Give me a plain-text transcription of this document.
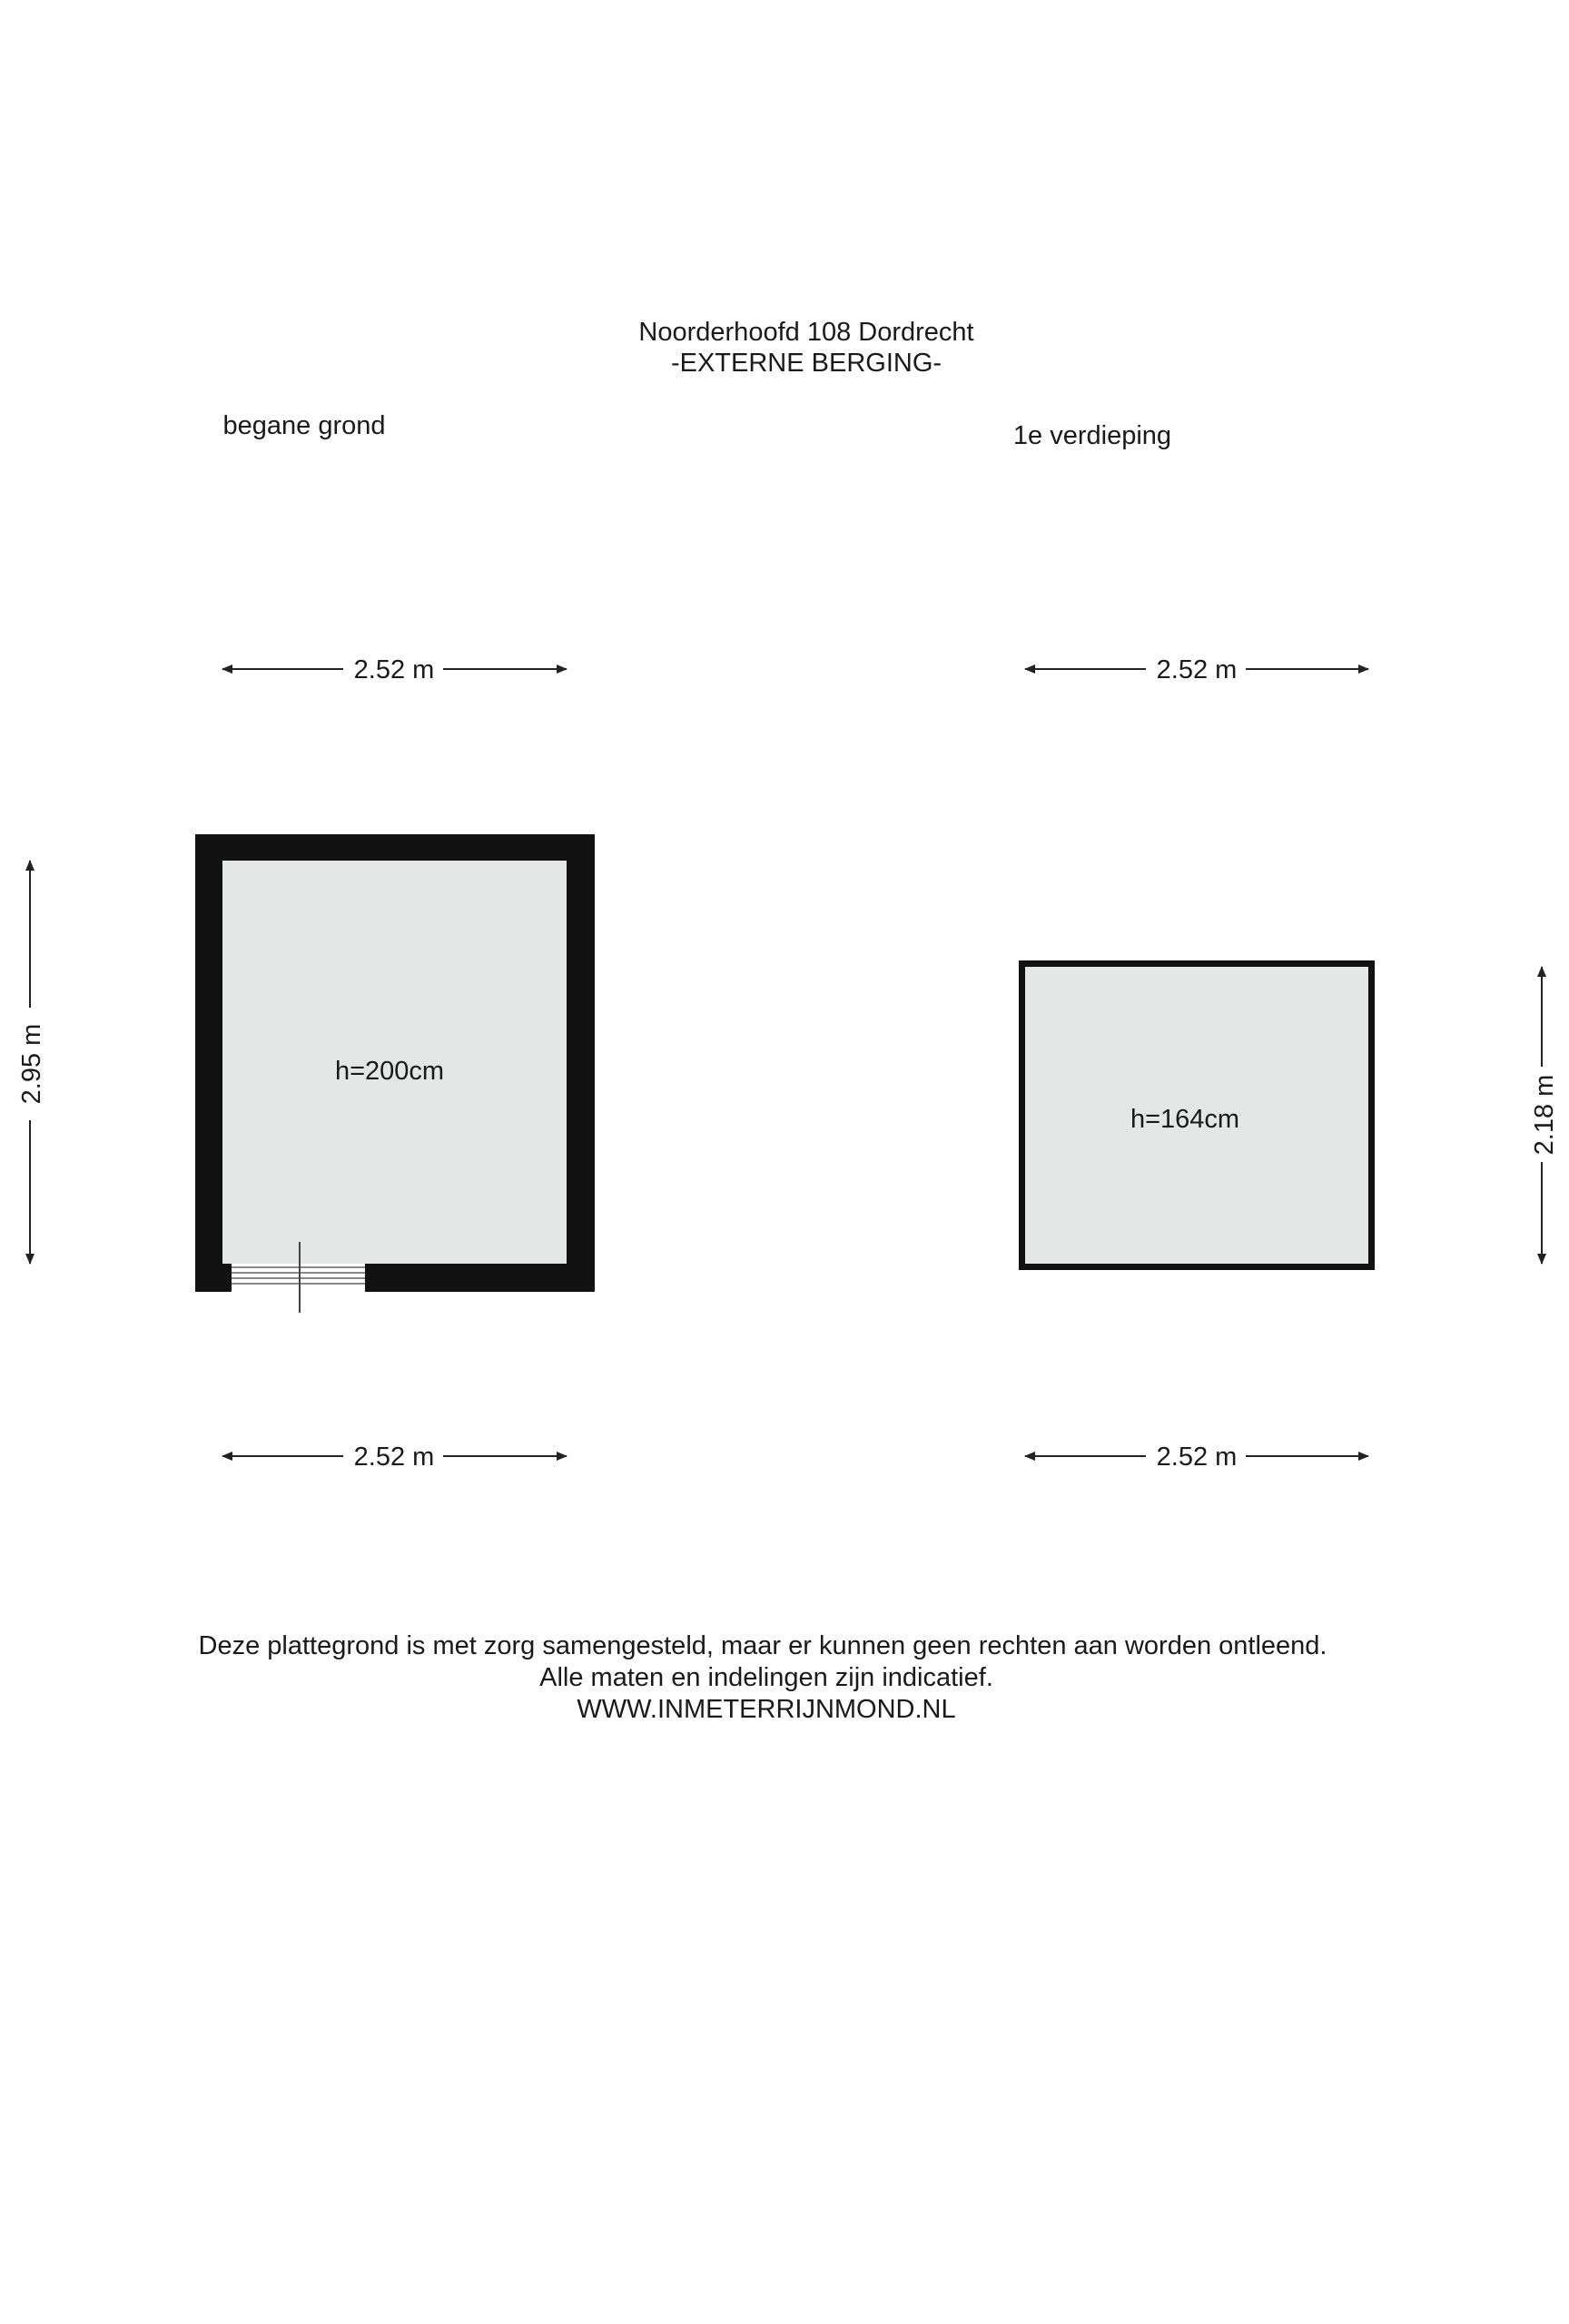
Noorderhoofd 108 Dordrecht
-EXTERNE BERGING-
begane grond	1e verdieping
h=200cm
2.52 m
2.52 m
2.95 m
h=164cm
2.52 m
2.52 m
2.18 m
Deze plattegrond is met zorg samengesteld, maar er kunnen geen rechten aan worden ontleend.
Alle maten en indelingen zijn indicatief.
WWW.INMETERRIJNMOND.NL
